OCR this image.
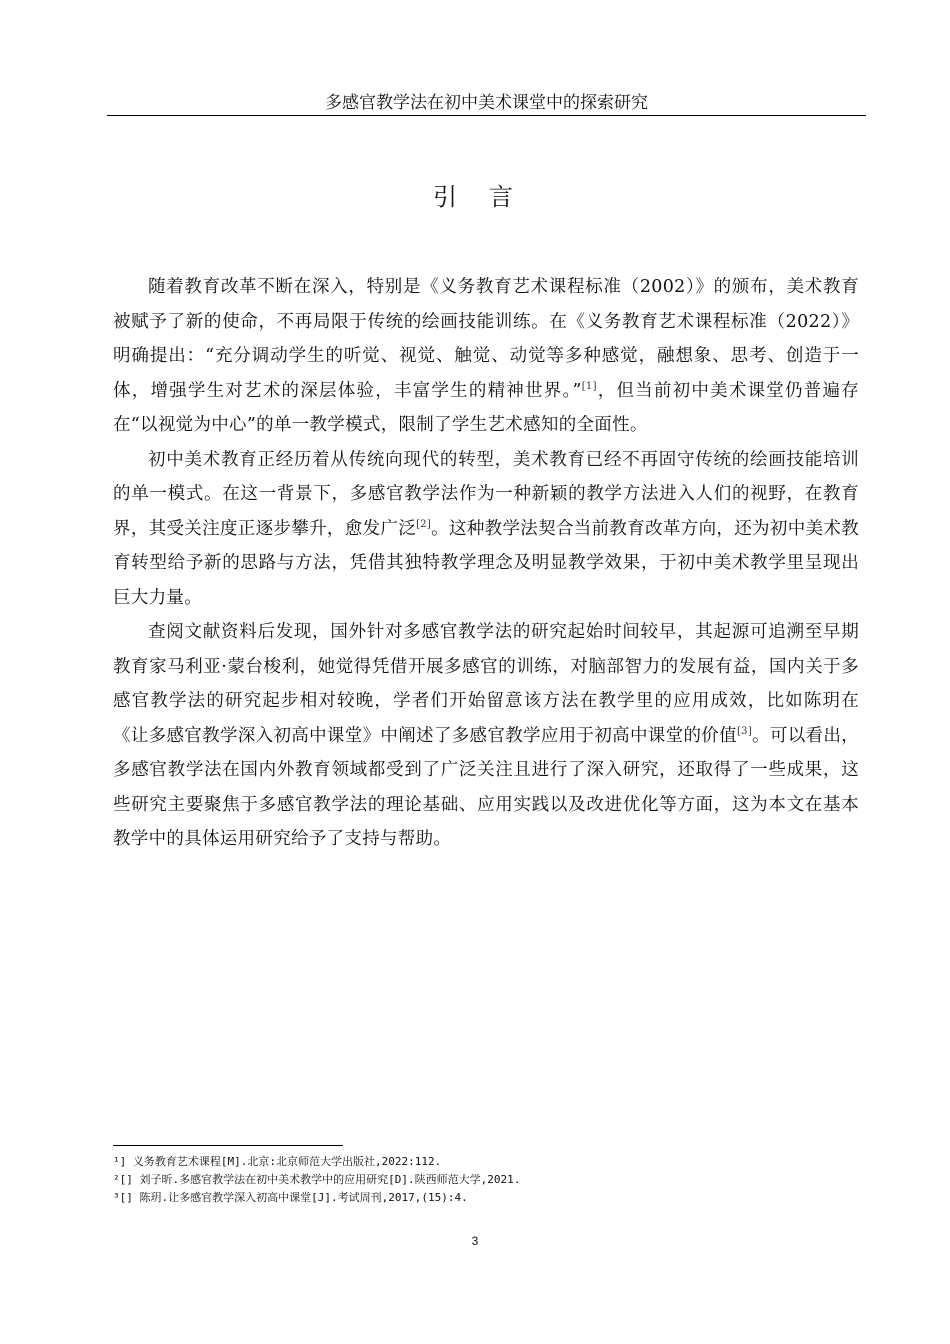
多感官教学法在初中美术课堂中的探索研究
引　言

随着教育改革不断在深入，特别是《义务教育艺术课程标准（2002）》的颁布，美术教育被赋予了新的使命，不再局限于传统的绘画技能训练。在《义务教育艺术课程标准（2022）》明确提出：“充分调动学生的听觉、视觉、触觉、动觉等多种感觉，融想象、思考、创造于一体，增强学生对艺术的深层体验，丰富学生的精神世界。”[1]，但当前初中美术课堂仍普遍存在“以视觉为中心”的单一教学模式，限制了学生艺术感知的全面性。

初中美术教育正经历着从传统向现代的转型，美术教育已经不再固守传统的绘画技能培训的单一模式。在这一背景下，多感官教学法作为一种新颖的教学方法进入人们的视野，在教育界，其受关注度正逐步攀升，愈发广泛[2]。这种教学法契合当前教育改革方向，还为初中美术教育转型给予新的思路与方法，凭借其独特教学理念及明显教学效果，于初中美术教学里呈现出巨大力量。

查阅文献资料后发现，国外针对多感官教学法的研究起始时间较早，其起源可追溯至早期教育家马利亚·蒙台梭利，她觉得凭借开展多感官的训练，对脑部智力的发展有益，国内关于多感官教学法的研究起步相对较晚，学者们开始留意该方法在教学里的应用成效，比如陈玥在《让多感官教学深入初高中课堂》中阐述了多感官教学应用于初高中课堂的价值[3]。可以看出，多感官教学法在国内外教育领域都受到了广泛关注且进行了深入研究，还取得了一些成果，这些研究主要聚焦于多感官教学法的理论基础、应用实践以及改进优化等方面，这为本文在基本教学中的具体运用研究给予了支持与帮助。

¹] 义务教育艺术课程[M].北京:北京师范大学出版社,2022:112.
²[] 刘子昕.多感官教学法在初中美术教学中的应用研究[D].陕西师范大学,2021.
³[] 陈玥.让多感官教学深入初高中课堂[J].考试周刊,2017,(15):4.
3
